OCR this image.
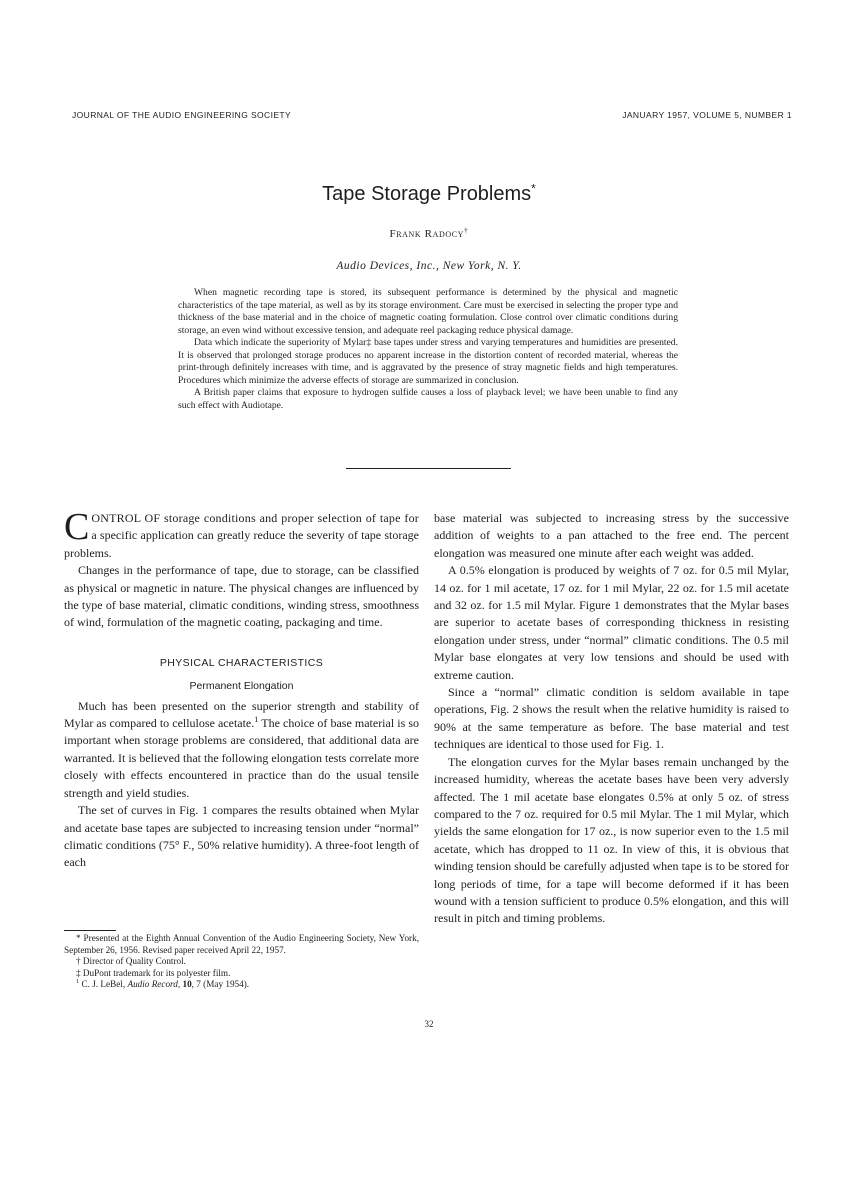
JOURNAL OF THE AUDIO ENGINEERING SOCIETY	JANUARY 1957, VOLUME 5, NUMBER 1
Tape Storage Problems*
Frank Radocy†
Audio Devices, Inc., New York, N. Y.

When magnetic recording tape is stored, its subsequent performance is determined by the physical and magnetic characteristics of the tape material, as well as by its storage environment. Care must be exercised in selecting the proper type and thickness of the base material and in the choice of magnetic coating formulation. Close control over climatic conditions during storage, an even wind without excessive tension, and adequate reel packaging reduce physical damage.

Data which indicate the superiority of Mylar‡ base tapes under stress and varying temperatures and humidities are presented. It is observed that prolonged storage produces no apparent increase in the distortion content of recorded material, whereas the print-through definitely increases with time, and is aggravated by the presence of stray magnetic fields and high temperatures. Procedures which minimize the adverse effects of storage are summarized in conclusion.

A British paper claims that exposure to hydrogen sulfide causes a loss of playback level; we have been unable to find any such effect with Audiotape.

CONTROL OF storage conditions and proper selection of tape for a specific application can greatly reduce the severity of tape storage problems.

Changes in the performance of tape, due to storage, can be classified as physical or magnetic in nature. The physical changes are influenced by the type of base material, climatic conditions, winding stress, smoothness of wind, formulation of the magnetic coating, packaging and time.

PHYSICAL CHARACTERISTICS
Permanent Elongation

Much has been presented on the superior strength and stability of Mylar as compared to cellulose acetate.$^1$ The choice of base material is so important when storage problems are considered, that additional data are warranted. It is believed that the following elongation tests correlate more closely with effects encountered in practice than do the usual tensile strength and yield studies.

The set of curves in Fig. 1 compares the results obtained when Mylar and acetate base tapes are subjected to increasing tension under “normal” climatic conditions (75° F., 50% relative humidity). A three-foot length of each

base material was subjected to increasing stress by the successive addition of weights to a pan attached to the free end. The percent elongation was measured one minute after each weight was added.

A 0.5% elongation is produced by weights of 7 oz. for 0.5 mil Mylar, 14 oz. for 1 mil acetate, 17 oz. for 1 mil Mylar, 22 oz. for 1.5 mil acetate and 32 oz. for 1.5 mil Mylar. Figure 1 demonstrates that the Mylar bases are superior to acetate bases of corresponding thickness in resisting elongation under stress, under “normal” climatic conditions. The 0.5 mil Mylar base elongates at very low tensions and should be used with extreme caution.

Since a “normal” climatic condition is seldom available in tape operations, Fig. 2 shows the result when the relative humidity is raised to 90% at the same temperature as before. The base material and test techniques are identical to those used for Fig. 1.

The elongation curves for the Mylar bases remain unchanged by the increased humidity, whereas the acetate bases have been very adversly affected. The 1 mil acetate base elongates 0.5% at only 5 oz. of stress compared to the 7 oz. required for 0.5 mil Mylar. The 1 mil Mylar, which yields the same elongation for 17 oz., is now superior even to the 1.5 mil acetate, which has dropped to 11 oz. In view of this, it is obvious that winding tension should be carefully adjusted when tape is to be stored for long periods of time, for a tape will become deformed if it has been wound with a tension sufficient to produce 0.5% elongation, and this will result in pitch and timing problems.

* Presented at the Eighth Annual Convention of the Audio Engineering Society, New York, September 26, 1956. Revised paper received April 22, 1957.

† Director of Quality Control.

‡ DuPont trademark for its polyester film.

$^1$ C. J. LeBel, Audio Record, 10, 7 (May 1954).

32
